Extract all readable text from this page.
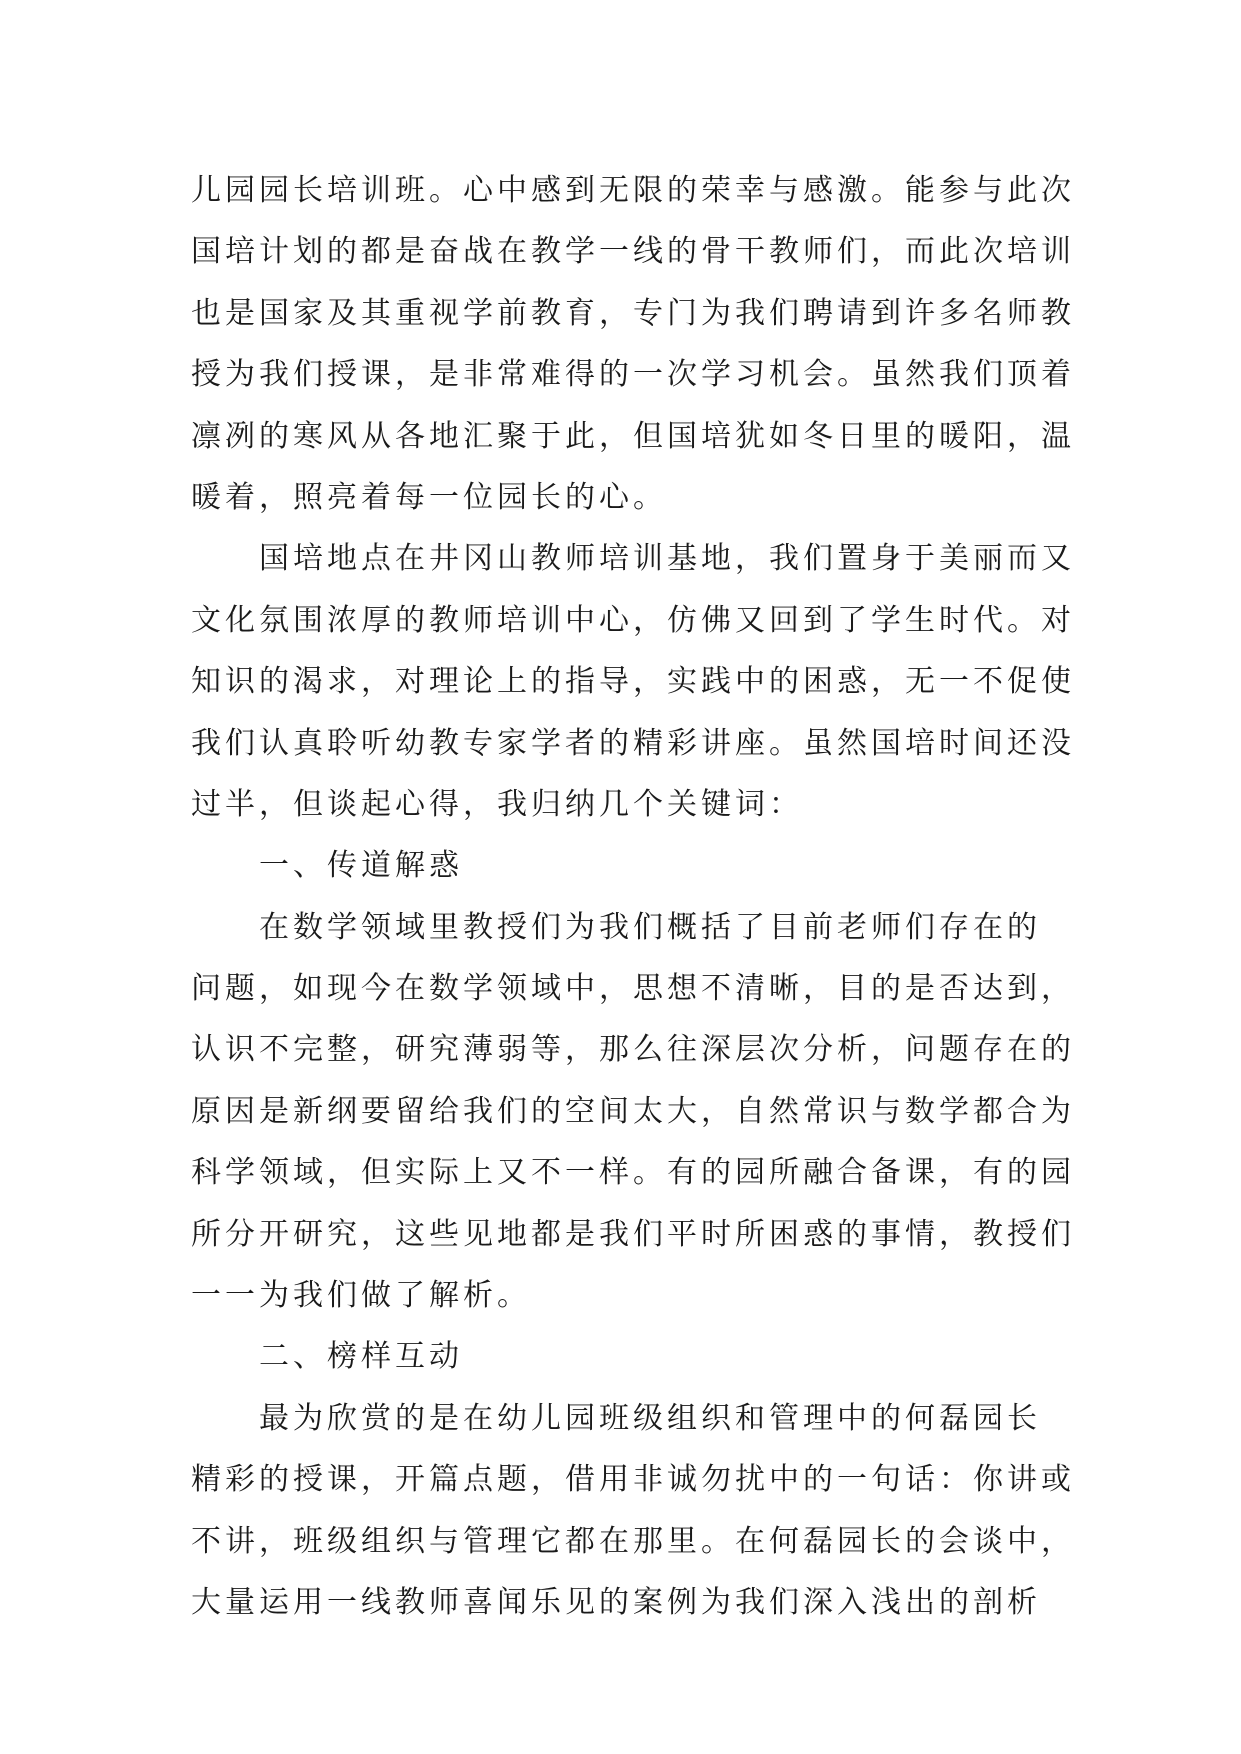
儿园园长培训班。心中感到无限的荣幸与感激。能参与此次
国培计划的都是奋战在教学一线的骨干教师们，而此次培训
也是国家及其重视学前教育，专门为我们聘请到许多名师教
授为我们授课，是非常难得的一次学习机会。虽然我们顶着
凛冽的寒风从各地汇聚于此，但国培犹如冬日里的暖阳，温
暖着，照亮着每一位园长的心。
国培地点在井冈山教师培训基地，我们置身于美丽而又
文化氛围浓厚的教师培训中心，仿佛又回到了学生时代。对
知识的渴求，对理论上的指导，实践中的困惑，无一不促使
我们认真聆听幼教专家学者的精彩讲座。虽然国培时间还没
过半，但谈起心得，我归纳几个关键词：
一、传道解惑
在数学领域里教授们为我们概括了目前老师们存在的
问题，如现今在数学领域中，思想不清晰，目的是否达到，
认识不完整，研究薄弱等，那么往深层次分析，问题存在的
原因是新纲要留给我们的空间太大，自然常识与数学都合为
科学领域，但实际上又不一样。有的园所融合备课，有的园
所分开研究，这些见地都是我们平时所困惑的事情，教授们
一一为我们做了解析。
二、榜样互动
最为欣赏的是在幼儿园班级组织和管理中的何磊园长
精彩的授课，开篇点题，借用非诚勿扰中的一句话：你讲或
不讲，班级组织与管理它都在那里。在何磊园长的会谈中，
大量运用一线教师喜闻乐见的案例为我们深入浅出的剖析
